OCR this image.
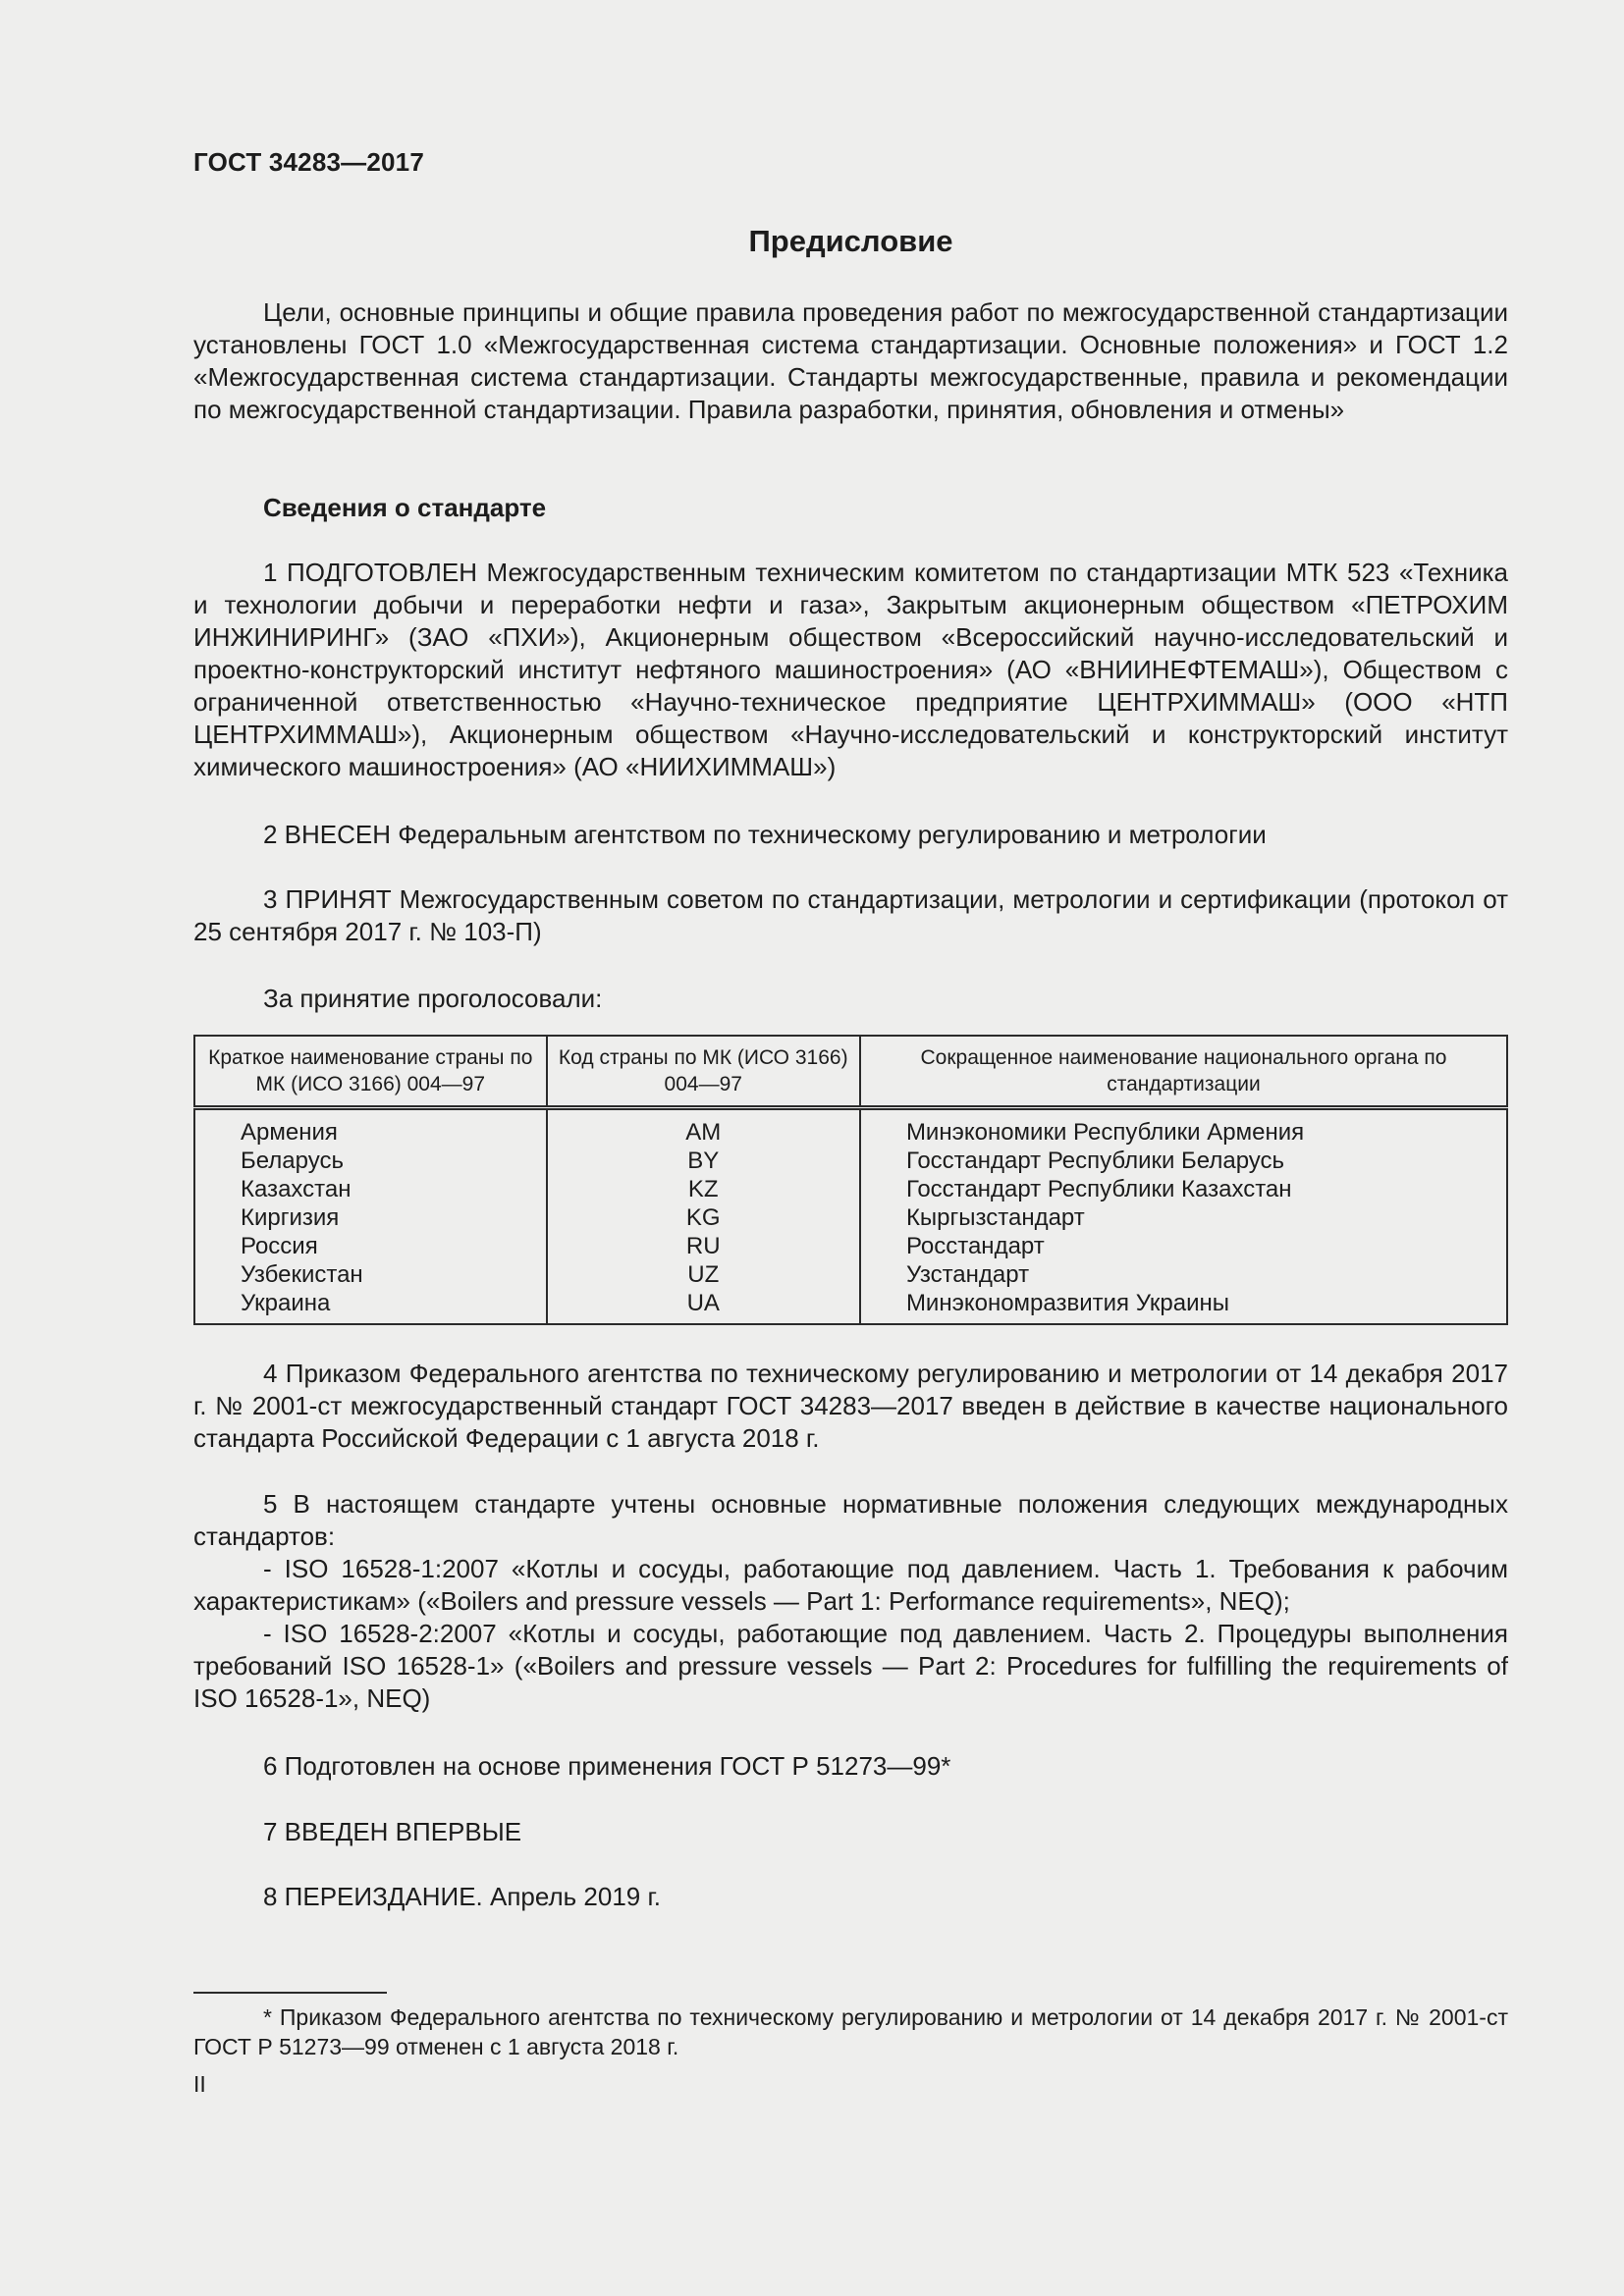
ГОСТ 34283—2017
Предисловие

Цели, основные принципы и общие правила проведения работ по межгосударственной стандартизации установлены ГОСТ 1.0 «Межгосударственная система стандартизации. Основные положения» и ГОСТ 1.2 «Межгосударственная система стандартизации. Стандарты межгосударственные, правила и рекомендации по межгосударственной стандартизации. Правила разработки, принятия, обновления и отмены»

Сведения о стандарте

1 ПОДГОТОВЛЕН Межгосударственным техническим комитетом по стандартизации МТК 523 «Техника и технологии добычи и переработки нефти и газа», Закрытым акционерным обществом «ПЕТРОХИМ ИНЖИНИРИНГ» (ЗАО «ПХИ»), Акционерным обществом «Всероссийский научно-исследовательский и проектно-конструкторский институт нефтяного машиностроения» (АО «ВНИИНЕФТЕМАШ»), Обществом с ограниченной ответственностью «Научно-техническое предприятие ЦЕНТРХИММАШ» (ООО «НТП ЦЕНТРХИММАШ»), Акционерным обществом «Научно-исследовательский и конструкторский институт химического машиностроения» (АО «НИИХИММАШ»)

2 ВНЕСЕН Федеральным агентством по техническому регулированию и метрологии

3 ПРИНЯТ Межгосударственным советом по стандартизации, метрологии и сертификации (протокол от 25 сентября 2017 г. № 103-П)

За принятие проголосовали:

Краткое наименование страны по МК (ИСО 3166) 004—97	Код страны по МК (ИСО 3166) 004—97	Сокращенное наименование национального органа по стандартизации
Армения	AM	Минэкономики Республики Армения
Беларусь	BY	Госстандарт Республики Беларусь
Казахстан	KZ	Госстандарт Республики Казахстан
Киргизия	KG	Кыргызстандарт
Россия	RU	Росстандарт
Узбекистан	UZ	Узстандарт
Украина	UA	Минэкономразвития Украины

4 Приказом Федерального агентства по техническому регулированию и метрологии от 14 декабря 2017 г. № 2001-ст межгосударственный стандарт ГОСТ 34283—2017 введен в действие в качестве национального стандарта Российской Федерации с 1 августа 2018 г.

5 В настоящем стандарте учтены основные нормативные положения следующих международных стандартов:

- ISO 16528-1:2007 «Котлы и сосуды, работающие под давлением. Часть 1. Требования к рабочим характеристикам» («Boilers and pressure vessels — Part 1: Performance requirements», NEQ);

- ISO 16528-2:2007 «Котлы и сосуды, работающие под давлением. Часть 2. Процедуры выполнения требований ISO 16528-1» («Boilers and pressure vessels — Part 2: Procedures for fulfilling the requirements of ISO 16528-1», NEQ)

6 Подготовлен на основе применения ГОСТ Р 51273—99*

7 ВВЕДЕН ВПЕРВЫЕ

8 ПЕРЕИЗДАНИЕ. Апрель 2019 г.

* Приказом Федерального агентства по техническому регулированию и метрологии от 14 декабря 2017 г. № 2001-ст ГОСТ Р 51273—99 отменен с 1 августа 2018 г.

II
